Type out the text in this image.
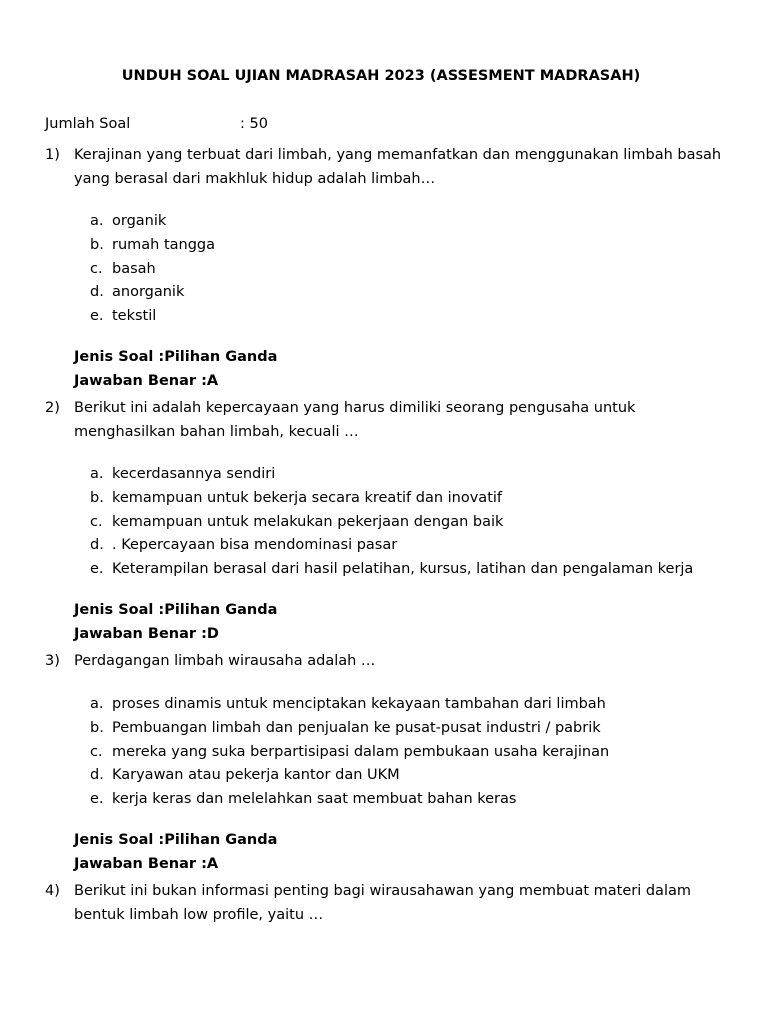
UNDUH SOAL UJIAN MADRASAH 2023 (ASSESMENT MADRASAH)
Jumlah Soal	: 50
1) Kerajinan yang terbuat dari limbah, yang memanfatkan dan menggunakan limbah basah yang berasal dari makhluk hidup adalah limbah…
a. organik
b. rumah tangga
c. basah
d. anorganik
e. tekstil
Jenis Soal :Pilihan Ganda
Jawaban Benar :A
2) Berikut ini adalah kepercayaan yang harus dimiliki seorang pengusaha untuk menghasilkan bahan limbah, kecuali …
a. kecerdasannya sendiri
b. kemampuan untuk bekerja secara kreatif dan inovatif
c. kemampuan untuk melakukan pekerjaan dengan baik
d. . Kepercayaan bisa mendominasi pasar
e. Keterampilan berasal dari hasil pelatihan, kursus, latihan dan pengalaman kerja
Jenis Soal :Pilihan Ganda
Jawaban Benar :D
3) Perdagangan limbah wirausaha adalah …
a. proses dinamis untuk menciptakan kekayaan tambahan dari limbah
b. Pembuangan limbah dan penjualan ke pusat-pusat industri / pabrik
c. mereka yang suka berpartisipasi dalam pembukaan usaha kerajinan
d. Karyawan atau pekerja kantor dan UKM
e. kerja keras dan melelahkan saat membuat bahan keras
Jenis Soal :Pilihan Ganda
Jawaban Benar :A
4) Berikut ini bukan informasi penting bagi wirausahawan yang membuat materi dalam bentuk limbah low profile, yaitu …
